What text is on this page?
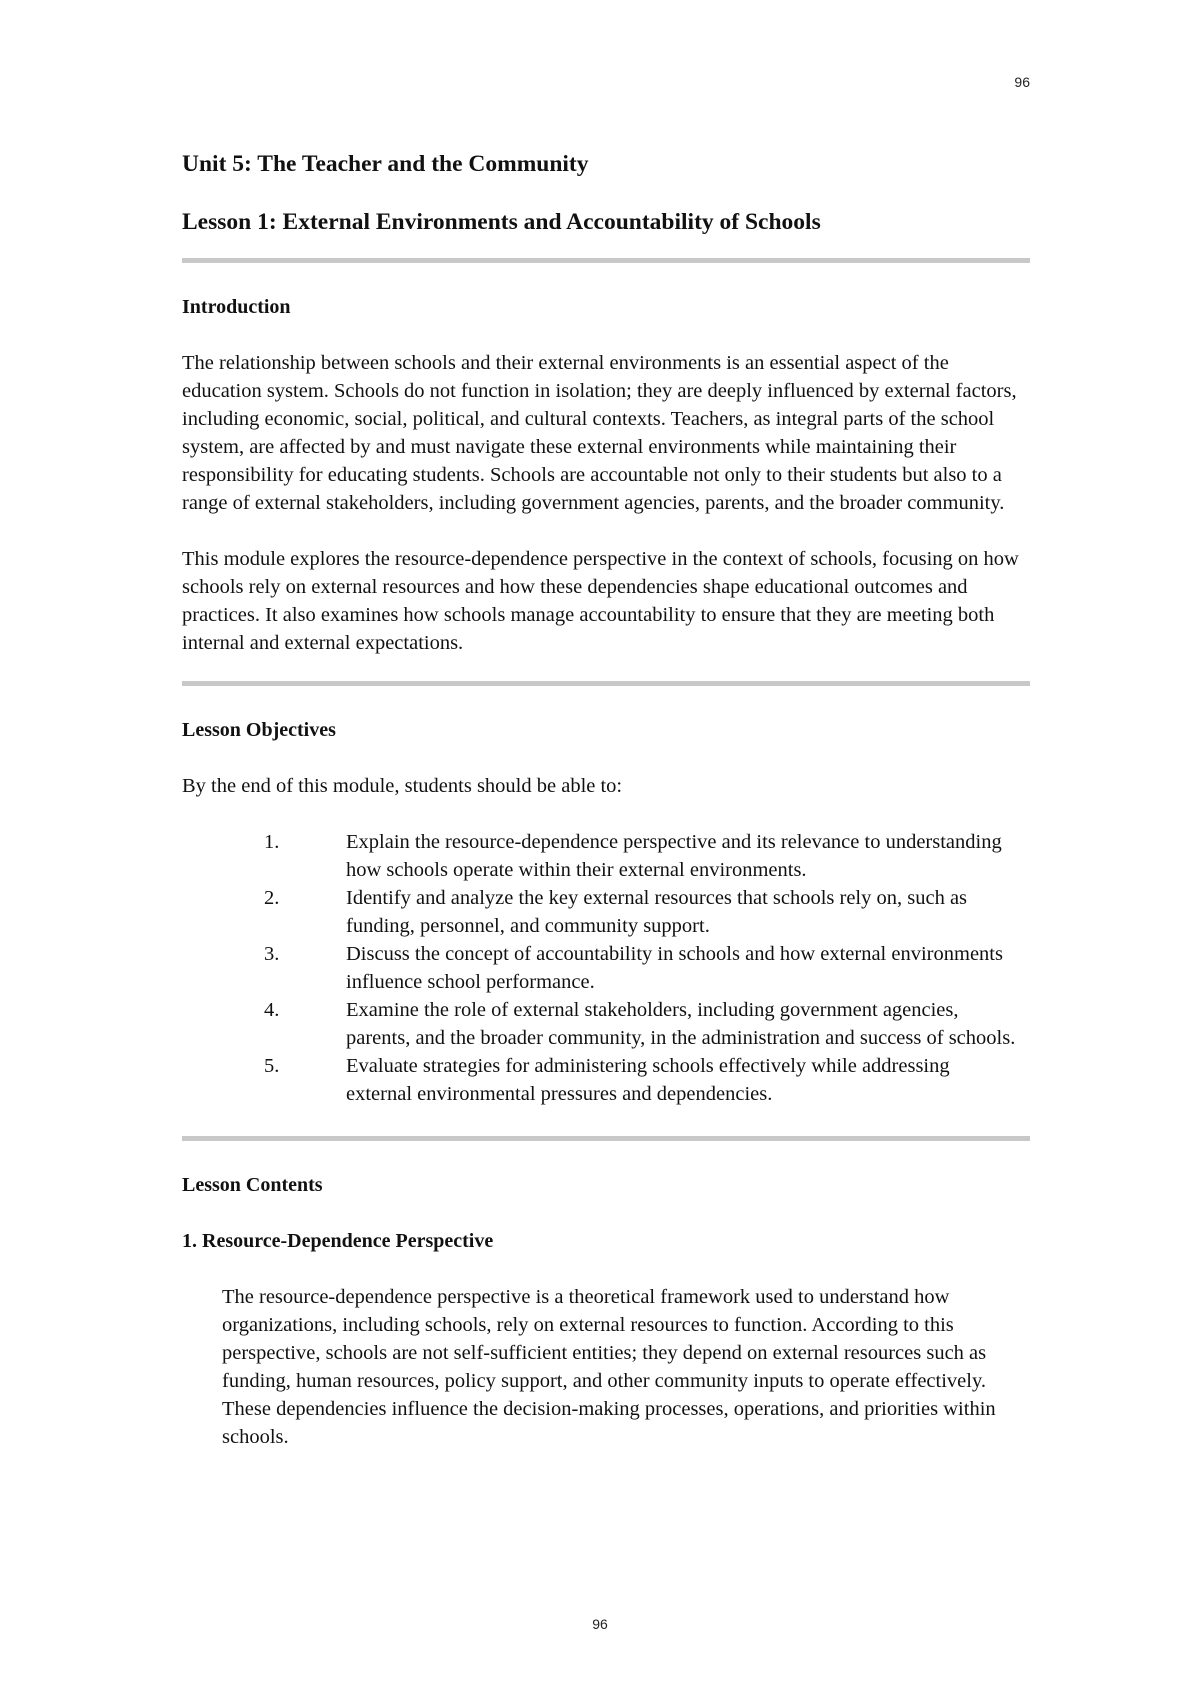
96
Unit 5: The Teacher and the Community
Lesson 1: External Environments and Accountability of Schools
Introduction

The relationship between schools and their external environments is an essential aspect of the education system. Schools do not function in isolation; they are deeply influenced by external factors, including economic, social, political, and cultural contexts. Teachers, as integral parts of the school system, are affected by and must navigate these external environments while maintaining their responsibility for educating students. Schools are accountable not only to their students but also to a range of external stakeholders, including government agencies, parents, and the broader community.

This module explores the resource-dependence perspective in the context of schools, focusing on how schools rely on external resources and how these dependencies shape educational outcomes and practices. It also examines how schools manage accountability to ensure that they are meeting both internal and external expectations.

Lesson Objectives

By the end of this module, students should be able to:

1.	Explain the resource-dependence perspective and its relevance to understanding how schools operate within their external environments.
2.	Identify and analyze the key external resources that schools rely on, such as funding, personnel, and community support.
3.	Discuss the concept of accountability in schools and how external environments influence school performance.
4.	Examine the role of external stakeholders, including government agencies, parents, and the broader community, in the administration and success of schools.
5.	Evaluate strategies for administering schools effectively while addressing external environmental pressures and dependencies.
Lesson Contents
1. Resource-Dependence Perspective

The resource-dependence perspective is a theoretical framework used to understand how organizations, including schools, rely on external resources to function. According to this perspective, schools are not self-sufficient entities; they depend on external resources such as funding, human resources, policy support, and other community inputs to operate effectively. These dependencies influence the decision-making processes, operations, and priorities within schools.

96
